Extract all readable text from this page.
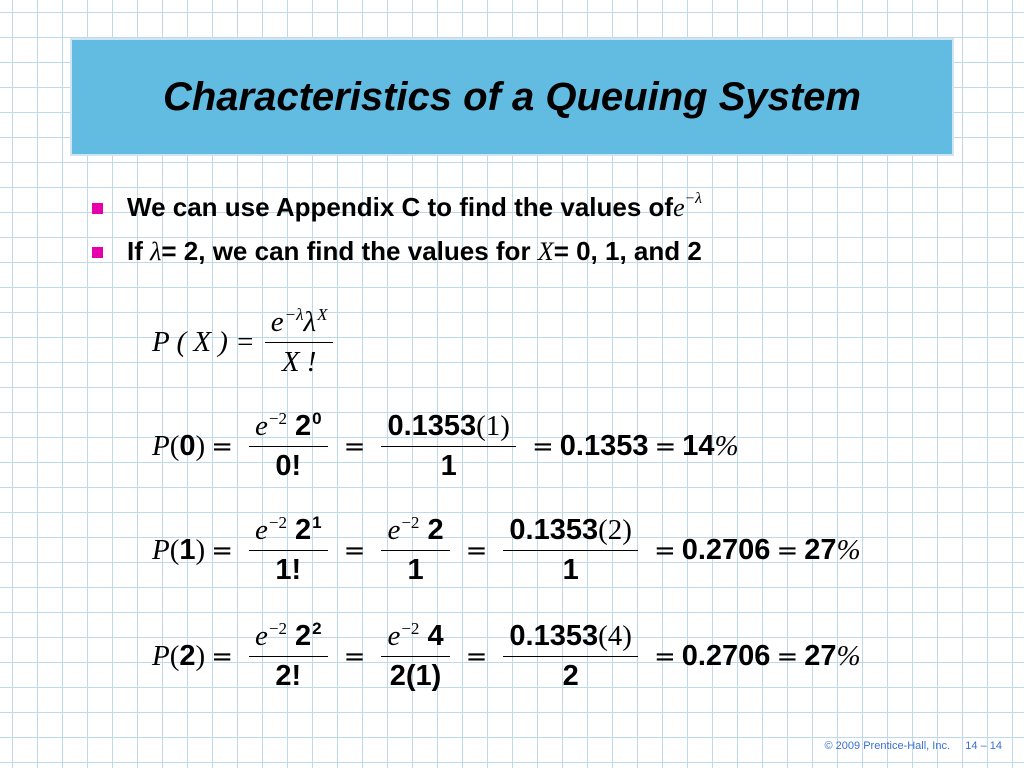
Characteristics of a Queuing System
We can use Appendix C to find the values of $e^{-\lambda}$
If
λ = 2, we can find the values for
X = 0, 1, and 2
P ( X ) = $\frac{\text{e −λ λ X}}{X !}$
P ( 0 ) = e −2
2 0
0! = $\frac{0.1353 (1)}{1} = 0.1353 = 14$ %
P ( 1 ) = e −2
2 1
1! = e −2
2
$1 = \frac{0.1353 (2)}{1} = 0.2706 = 27$ %
P ( 2 ) = e −2
2 2
2! = e −2
4
$2(1) = \frac{0.1353 (4)}{2} = 0.2706 = 27$ %
© 2009 Prentice-Hall, Inc. 14 – 14
